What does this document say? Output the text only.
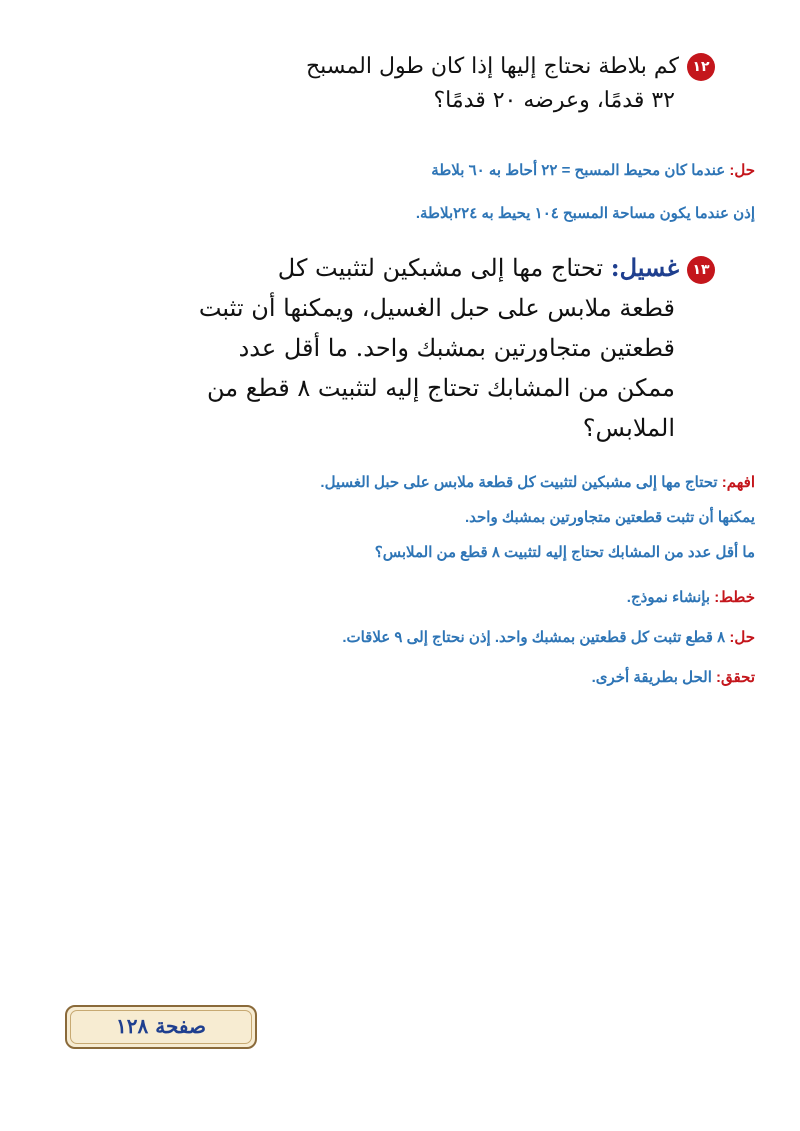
١٢كم بلاطة نحتاج إليها إذا كان طول المسبح
٣٢ قدمًا، وعرضه ٢٠ قدمًا؟
حل: عندما كان محيط المسبح = ٢٢ أحاط به ٦٠ بلاطة
إذن عندما يكون مساحة المسبح ١٠٤ يحيط به ٢٢٤بلاطة.
١٣غسيل: تحتاج مها إلى مشبكين لتثبيت كل
قطعة ملابس على حبل الغسيل، ويمكنها أن تثبت
قطعتين متجاورتين بمشبك واحد. ما أقل عدد
ممكن من المشابك تحتاج إليه لتثبيت ٨ قطع من
الملابس؟
افهم: تحتاج مها إلى مشبكين لتثبيت كل قطعة ملابس على حبل الغسيل.
يمكنها أن تثبت قطعتين متجاورتين بمشبك واحد.
ما أقل عدد من المشابك تحتاج إليه لتثبيت ٨ قطع من الملابس؟
خطط: بإنشاء نموذج.
حل: ٨ قطع تثبت كل قطعتين بمشبك واحد. إذن نحتاج إلى ٩ علاقات.
تحقق: الحل بطريقة أخرى.
صفحة ١٢٨
